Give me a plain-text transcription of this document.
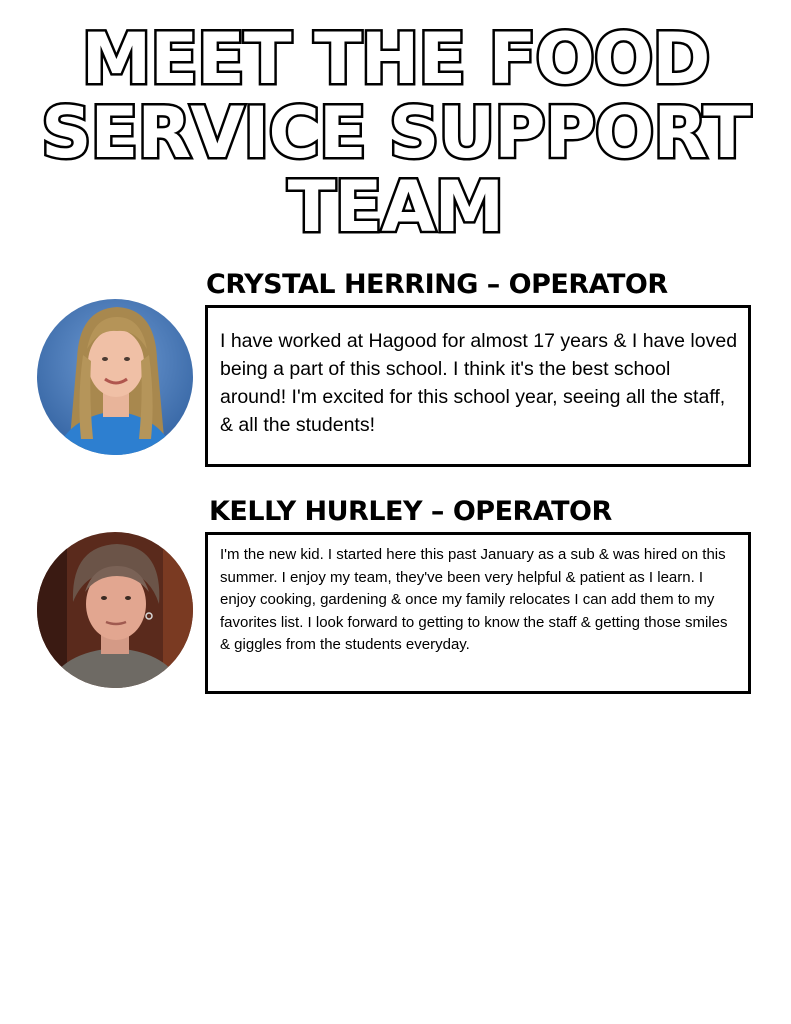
MEET THE FOOD
SERVICE SUPPORT
TEAM
CRYSTAL HERRING – OPERATOR

I have worked at Hagood for almost 17 years & I have loved being a part of this school. I think it's the best school around! I'm excited for this school year, seeing all the staff, & all the students!

KELLY HURLEY – OPERATOR

I'm the new kid. I started here this past January as a sub & was hired on this summer. I enjoy my team, they've been very helpful & patient as I learn. I enjoy cooking, gardening & once my family relocates I can add them to my favorites list. I look forward to getting to know the staff & getting those smiles & giggles from the students everyday.
